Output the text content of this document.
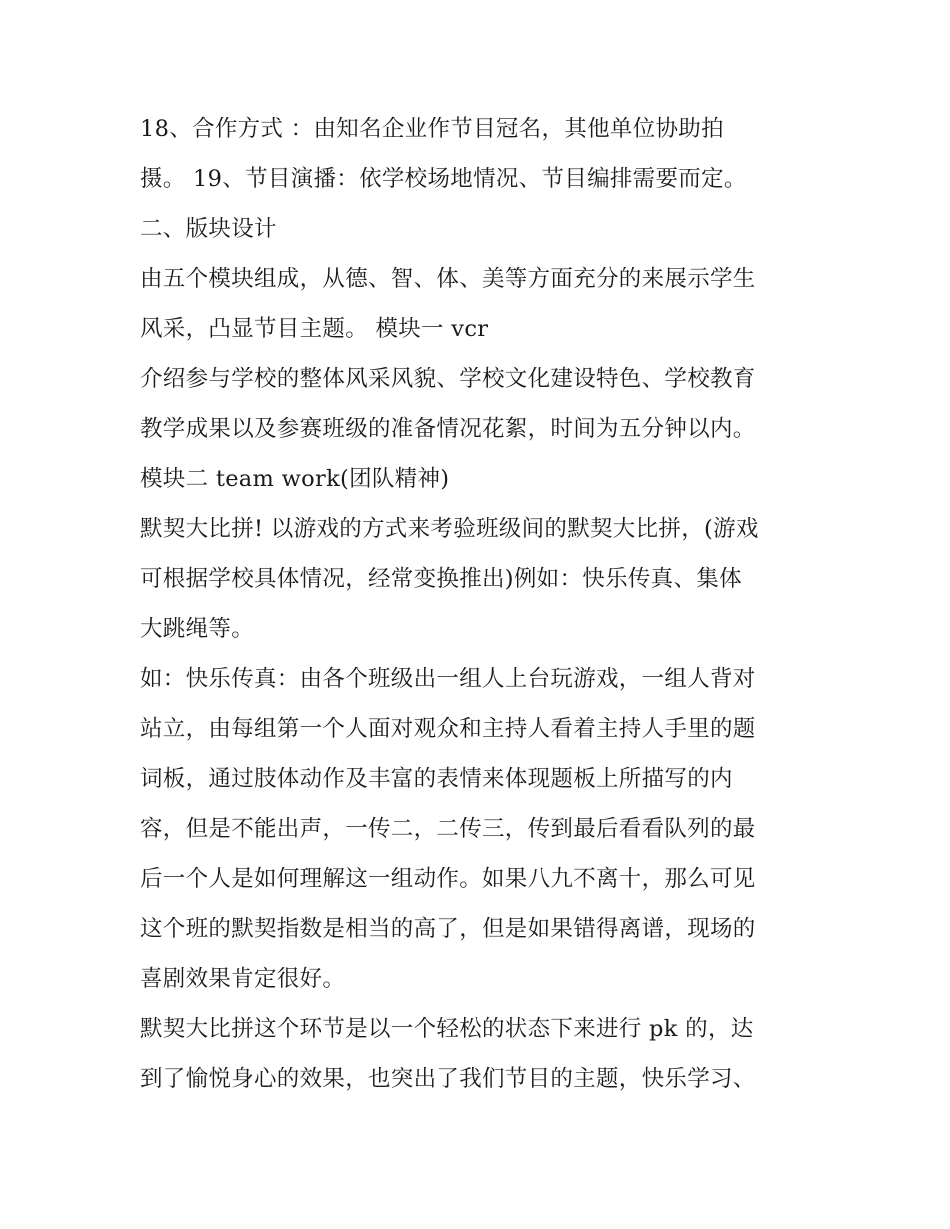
18、合作方式 ：由知名企业作节目冠名，其他单位协助拍
摄。 19、节目演播：依学校场地情况、节目编排需要而定。
二、版块设计
由五个模块组成，从德、智、体、美等方面充分的来展示学生
风采，凸显节目主题。 模块一 vcr
介绍参与学校的整体风采风貌、学校文化建设特色、学校教育
教学成果以及参赛班级的准备情况花絮，时间为五分钟以内。
模块二 team work(团队精神)
默契大比拼! 以游戏的方式来考验班级间的默契大比拼，(游戏
可根据学校具体情况，经常变换推出)例如：快乐传真、集体
大跳绳等。
如：快乐传真：由各个班级出一组人上台玩游戏，一组人背对
站立，由每组第一个人面对观众和主持人看着主持人手里的题
词板，通过肢体动作及丰富的表情来体现题板上所描写的内
容，但是不能出声，一传二，二传三，传到最后看看队列的最
后一个人是如何理解这一组动作。如果八九不离十，那么可见
这个班的默契指数是相当的高了，但是如果错得离谱，现场的
喜剧效果肯定很好。
默契大比拼这个环节是以一个轻松的状态下来进行 pk 的，达
到了愉悦身心的效果，也突出了我们节目的主题，快乐学习、
